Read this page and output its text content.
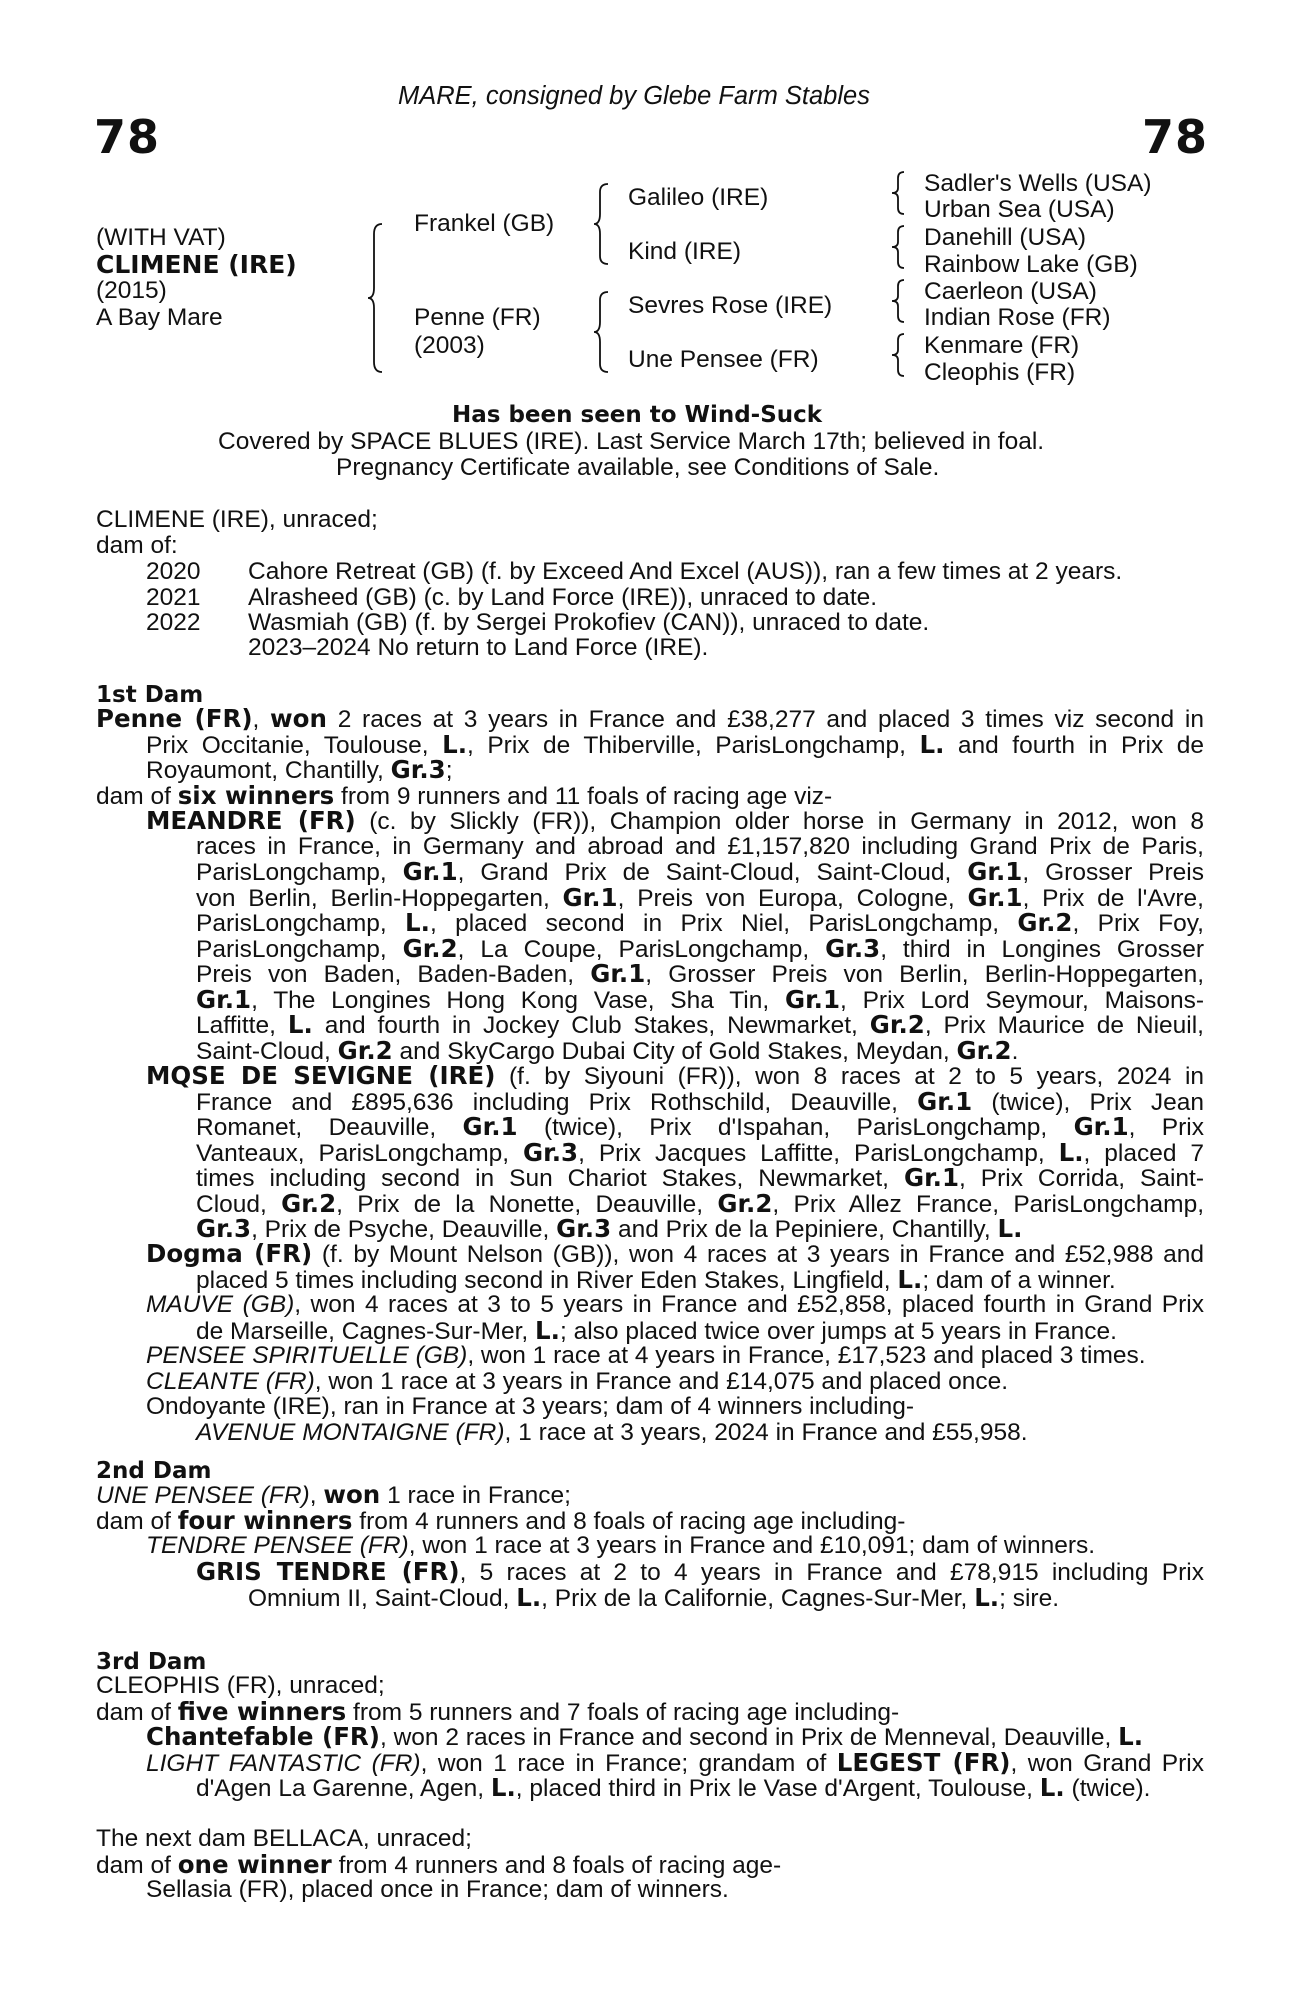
MARE, consigned by Glebe Farm Stables
78	78
(WITH VAT)
CLIMENE (IRE)
(2015)
A Bay Mare
Frankel (GB)
Penne (FR)
(2003)
Galileo (IRE)
Kind (IRE)
Sevres Rose (IRE)
Une Pensee (FR)
Sadler's Wells (USA)
Urban Sea (USA)
Danehill (USA)
Rainbow Lake (GB)
Caerleon (USA)
Indian Rose (FR)
Kenmare (FR)
Cleophis (FR)
Has been seen to Wind-Suck
Covered by SPACE BLUES (IRE). Last Service March 17th; believed in foal.
Pregnancy Certificate available, see Conditions of Sale.
CLIMENE (IRE), unraced;
dam of:
2020 Cahore Retreat (GB) (f. by Exceed And Excel (AUS)), ran a few times at 2 years.
2021 Alrasheed (GB) (c. by Land Force (IRE)), unraced to date.
2022 Wasmiah (GB) (f. by Sergei Prokofiev (CAN)), unraced to date.
2023–2024 No return to Land Force (IRE).
1st Dam
Penne (FR), won 2 races at 3 years in France and £38,277 and placed 3 times viz second in
Prix Occitanie, Toulouse, L., Prix de Thiberville, ParisLongchamp, L. and fourth in Prix de
Royaumont, Chantilly, Gr.3;
dam of six winners from 9 runners and 11 foals of racing age viz-
MEANDRE (FR) (c. by Slickly (FR)), Champion older horse in Germany in 2012, won 8
races in France, in Germany and abroad and £1,157,820 including Grand Prix de Paris,
ParisLongchamp, Gr.1, Grand Prix de Saint-Cloud, Saint-Cloud, Gr.1, Grosser Preis
von Berlin, Berlin-Hoppegarten, Gr.1, Preis von Europa, Cologne, Gr.1, Prix de l'Avre,
ParisLongchamp, L., placed second in Prix Niel, ParisLongchamp, Gr.2, Prix Foy,
ParisLongchamp, Gr.2, La Coupe, ParisLongchamp, Gr.3, third in Longines Grosser
Preis von Baden, Baden-Baden, Gr.1, Grosser Preis von Berlin, Berlin-Hoppegarten,
Gr.1, The Longines Hong Kong Vase, Sha Tin, Gr.1, Prix Lord Seymour, Maisons-
Laffitte, L. and fourth in Jockey Club Stakes, Newmarket, Gr.2, Prix Maurice de Nieuil,
Saint-Cloud, Gr.2 and SkyCargo Dubai City of Gold Stakes, Meydan, Gr.2.
MQSE DE SEVIGNE (IRE) (f. by Siyouni (FR)), won 8 races at 2 to 5 years, 2024 in
France and £895,636 including Prix Rothschild, Deauville, Gr.1 (twice), Prix Jean
Romanet, Deauville, Gr.1 (twice), Prix d'Ispahan, ParisLongchamp, Gr.1, Prix
Vanteaux, ParisLongchamp, Gr.3, Prix Jacques Laffitte, ParisLongchamp, L., placed 7
times including second in Sun Chariot Stakes, Newmarket, Gr.1, Prix Corrida, Saint-
Cloud, Gr.2, Prix de la Nonette, Deauville, Gr.2, Prix Allez France, ParisLongchamp,
Gr.3, Prix de Psyche, Deauville, Gr.3 and Prix de la Pepiniere, Chantilly, L.
Dogma (FR) (f. by Mount Nelson (GB)), won 4 races at 3 years in France and £52,988 and
placed 5 times including second in River Eden Stakes, Lingfield, L.; dam of a winner.
MAUVE (GB), won 4 races at 3 to 5 years in France and £52,858, placed fourth in Grand Prix
de Marseille, Cagnes-Sur-Mer, L.; also placed twice over jumps at 5 years in France.
PENSEE SPIRITUELLE (GB), won 1 race at 4 years in France, £17,523 and placed 3 times.
CLEANTE (FR), won 1 race at 3 years in France and £14,075 and placed once.
Ondoyante (IRE), ran in France at 3 years; dam of 4 winners including-
AVENUE MONTAIGNE (FR), 1 race at 3 years, 2024 in France and £55,958.
2nd Dam
UNE PENSEE (FR), won 1 race in France;
dam of four winners from 4 runners and 8 foals of racing age including-
TENDRE PENSEE (FR), won 1 race at 3 years in France and £10,091; dam of winners.
GRIS TENDRE (FR), 5 races at 2 to 4 years in France and £78,915 including Prix
Omnium II, Saint-Cloud, L., Prix de la Californie, Cagnes-Sur-Mer, L.; sire.
3rd Dam
CLEOPHIS (FR), unraced;
dam of five winners from 5 runners and 7 foals of racing age including-
Chantefable (FR), won 2 races in France and second in Prix de Menneval, Deauville, L.
LIGHT FANTASTIC (FR), won 1 race in France; grandam of LEGEST (FR), won Grand Prix
d'Agen La Garenne, Agen, L., placed third in Prix le Vase d'Argent, Toulouse, L. (twice).
The next dam BELLACA, unraced;
dam of one winner from 4 runners and 8 foals of racing age-
Sellasia (FR), placed once in France; dam of winners.
